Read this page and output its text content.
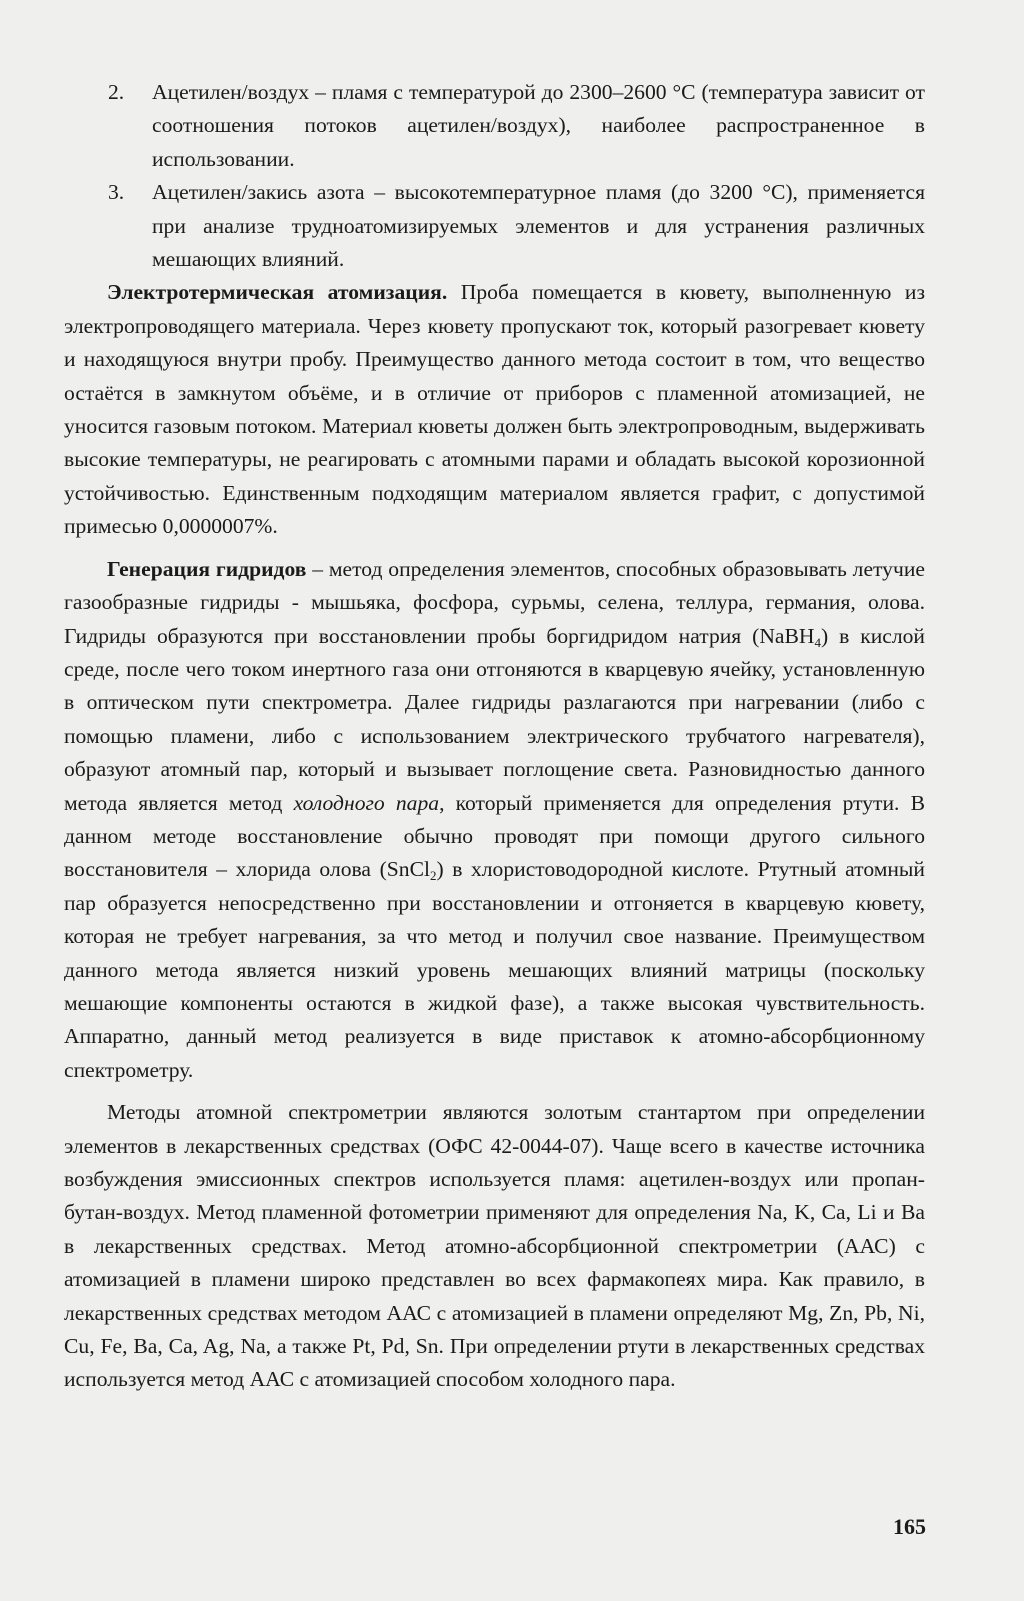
2.	Ацетилен/воздух – пламя с температурой до 2300–2600 °С (температура зависит от соотношения потоков ацетилен/воздух), наиболее распространенное в использовании.
3.	Ацетилен/закись азота – высокотемпературное пламя (до 3200 °С), применяется при анализе трудноатомизируемых элементов и для устранения различных мешающих влияний.

Электротермическая атомизация. Проба помещается в кювету, выполненную из электропроводящего материала. Через кювету пропускают ток, который разогревает кювету и находящуюся внутри пробу. Преимущество данного метода состоит в том, что вещество остаётся в замкнутом объёме, и в отличие от приборов с пламенной атомизацией, не уносится газовым потоком. Материал кюветы должен быть электропроводным, выдерживать высокие температуры, не реагировать с атомными парами и обладать высокой корозионной устойчивостью. Единственным подходящим материалом является графит, с допустимой примесью 0,0000007%.

Генерация гидридов – метод определения элементов, способных образовывать летучие газообразные гидриды - мышьяка, фосфора, сурьмы, селена, теллура, германия, олова. Гидриды образуются при восстановлении пробы боргидридом натрия (NaBH$_4$) в кислой среде, после чего током инертного газа они отгоняются в кварцевую ячейку, установленную в оптическом пути спектрометра. Далее гидриды разлагаются при нагревании (либо с помощью пламени, либо с использованием электрического трубчатого нагревателя), образуют атомный пар, который и вызывает поглощение света. Разновидностью данного метода является метод холодного пара, который применяется для определения ртути. В данном методе восстановление обычно проводят при помощи другого сильного восстановителя – хлорида олова (SnCl$_2$) в хлористоводородной кислоте. Ртутный атомный пар образуется непосредственно при восстановлении и отгоняется в кварцевую кювету, которая не требует нагревания, за что метод и получил свое название. Преимуществом данного метода является низкий уровень мешающих влияний матрицы (поскольку мешающие компоненты остаются в жидкой фазе), а также высокая чувствительность. Аппаратно, данный метод реализуется в виде приставок к атомно-абсорбционному спектрометру.

Методы атомной спектрометрии являются золотым стантартом при определении элементов в лекарственных средствах (ОФС 42-0044-07). Чаще всего в качестве источника возбуждения эмиссионных спектров используется пламя: ацетилен-воздух или пропан-бутан-воздух. Метод пламенной фотометрии применяют для определения Na, K, Ca, Li и Ba в лекарственных средствах. Метод атомно-абсорбционной спектрометрии (ААС) с атомизацией в пламени широко представлен во всех фармакопеях мира. Как правило, в лекарственных средствах методом ААС с атомизацией в пламени определяют Mg, Zn, Pb, Ni, Cu, Fe, Ba, Ca, Ag, Na, а также Pt, Pd, Sn. При определении ртути в лекарственных средствах используется метод ААС с атомизацией способом холодного пара.

165
